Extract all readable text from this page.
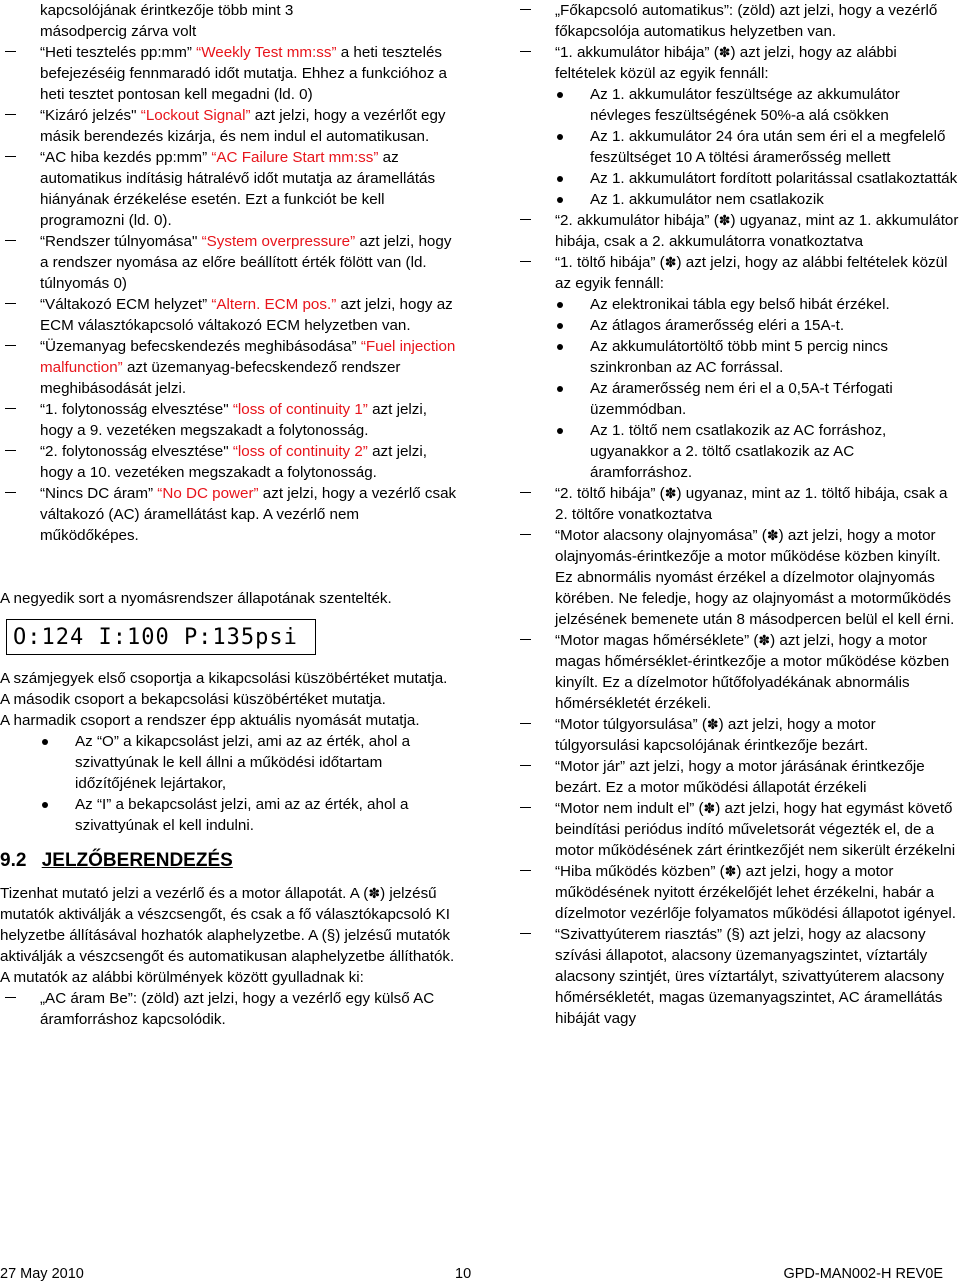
kapcsolójának érintkezője több mint 3

másodpercig zárva volt

“Heti tesztelés pp:mm” “Weekly Test mm:ss” a heti tesztelés befejezéséig fennmaradó időt mutatja. Ehhez a funkcióhoz a heti tesztet pontosan kell megadni (ld. 0)
“Kizáró jelzés" “Lockout Signal” azt jelzi, hogy a vezérlőt egy másik berendezés kizárja, és nem indul el automatikusan.
“AC hiba kezdés pp:mm” “AC Failure Start mm:ss” az automatikus indításig hátralévő időt mutatja az áramellátás hiányának érzékelése esetén. Ezt a funkciót be kell programozni (ld. 0).
“Rendszer túlnyomása" “System overpressure” azt jelzi, hogy a rendszer nyomása az előre beállított érték fölött van (ld. túlnyomás 0)
“Váltakozó ECM helyzet” “Altern. ECM pos.” azt jelzi, hogy az ECM választókapcsoló váltakozó ECM helyzetben van.
“Üzemanyag befecskendezés meghibásodása” “Fuel injection malfunction” azt üzemanyag-befecskendező rendszer meghibásodását jelzi.
“1. folytonosság elvesztése" “loss of continuity 1” azt jelzi, hogy a 9. vezetéken megszakadt a folytonosság.
“2. folytonosság elvesztése" “loss of continuity 2” azt jelzi, hogy a 10. vezetéken megszakadt a folytonosság.
“Nincs DC áram” “No DC power” azt jelzi, hogy a vezérlő csak váltakozó (AC) áramellátást kap. A vezérlő nem működőképes.

A negyedik sort a nyomásrendszer állapotának szentelték.

O:124 I:100 P:135psi

A számjegyek első csoportja a kikapcsolási küszöbértéket mutatja.

A második csoport a bekapcsolási küszöbértéket mutatja.

A harmadik csoport a rendszer épp aktuális nyomását mutatja.

Az “O” a kikapcsolást jelzi, ami az az érték, ahol a szivattyúnak le kell állni a működési időtartam időzítőjének lejártakor,
Az “I” a bekapcsolást jelzi, ami az az érték, ahol a szivattyúnak el kell indulni.
9.2 JELZŐBERENDEZÉS

Tizenhat mutató jelzi a vezérlő és a motor állapotát. A (✽) jelzésű mutatók aktiválják a vészcsengőt, és csak a fő választókapcsoló KI helyzetbe állításával hozhatók alaphelyzetbe. A (§) jelzésű mutatók aktiválják a vészcsengőt és automatikusan alaphelyzetbe állíthatók.

A mutatók az alábbi körülmények között gyulladnak ki:

„AC áram Be”: (zöld) azt jelzi, hogy a vezérlő egy külső AC áramforráshoz kapcsolódik.
„Főkapcsoló automatikus”: (zöld) azt jelzi, hogy a vezérlő főkapcsolója automatikus helyzetben van.
“1. akkumulátor hibája” (✽) azt jelzi, hogy az alábbi feltételek közül az egyik fennáll:
Az 1. akkumulátor feszültsége az akkumulátor névleges feszültségének 50%-a alá csökken
Az 1. akkumulátor 24 óra után sem éri el a megfelelő feszültséget 10 A töltési áramerősség mellett
Az 1. akkumulátort fordított polaritással csatlakoztatták
Az 1. akkumulátor nem csatlakozik
“2. akkumulátor hibája” (✽) ugyanaz, mint az 1. akkumulátor hibája, csak a 2. akkumulátorra vonatkoztatva
“1. töltő hibája” (✽) azt jelzi, hogy az alábbi feltételek közül az egyik fennáll:
Az elektronikai tábla egy belső hibát érzékel.
Az átlagos áramerősség eléri a 15A-t.
Az akkumulátortöltő több mint 5 percig nincs szinkronban az AC forrással.
Az áramerősség nem éri el a 0,5A-t Térfogati üzemmódban.
Az 1. töltő nem csatlakozik az AC forráshoz, ugyanakkor a 2. töltő csatlakozik az AC áramforráshoz.
“2. töltő hibája” (✽) ugyanaz, mint az 1. töltő hibája, csak a 2. töltőre vonatkoztatva
“Motor alacsony olajnyomása” (✽) azt jelzi, hogy a motor olajnyomás-érintkezője a motor működése közben kinyílt. Ez abnormális nyomást érzékel a dízelmotor olajnyomás körében. Ne feledje, hogy az olajnyomást a motorműködés jelzésének bemenete után 8 másodpercen belül el kell érni.
“Motor magas hőmérséklete” (✽) azt jelzi, hogy a motor magas hőmérséklet-érintkezője a motor működése közben kinyílt. Ez a dízelmotor hűtőfolyadékának abnormális hőmérsékletét érzékeli.
“Motor túlgyorsulása” (✽) azt jelzi, hogy a motor túlgyorsulási kapcsolójának érintkezője bezárt.
“Motor jár” azt jelzi, hogy a motor járásának érintkezője bezárt. Ez a motor működési állapotát érzékeli
“Motor nem indult el” (✽) azt jelzi, hogy hat egymást követő beindítási periódus indító műveletsorát végezték el, de a motor működésének zárt érintkezőjét nem sikerült érzékelni
“Hiba működés közben” (✽) azt jelzi, hogy a motor működésének nyitott érzékelőjét lehet érzékelni, habár a dízelmotor vezérlője folyamatos működési állapotot igényel.
“Szivattyúterem riasztás” (§) azt jelzi, hogy az alacsony szívási állapotot, alacsony üzemanyagszintet, víztartály alacsony szintjét, üres víztartályt, szivattyúterem alacsony hőmérsékletét, magas üzemanyagszintet, AC áramellátás hibáját vagy
27 May 2010	10	GPD-MAN002-H REV0E
